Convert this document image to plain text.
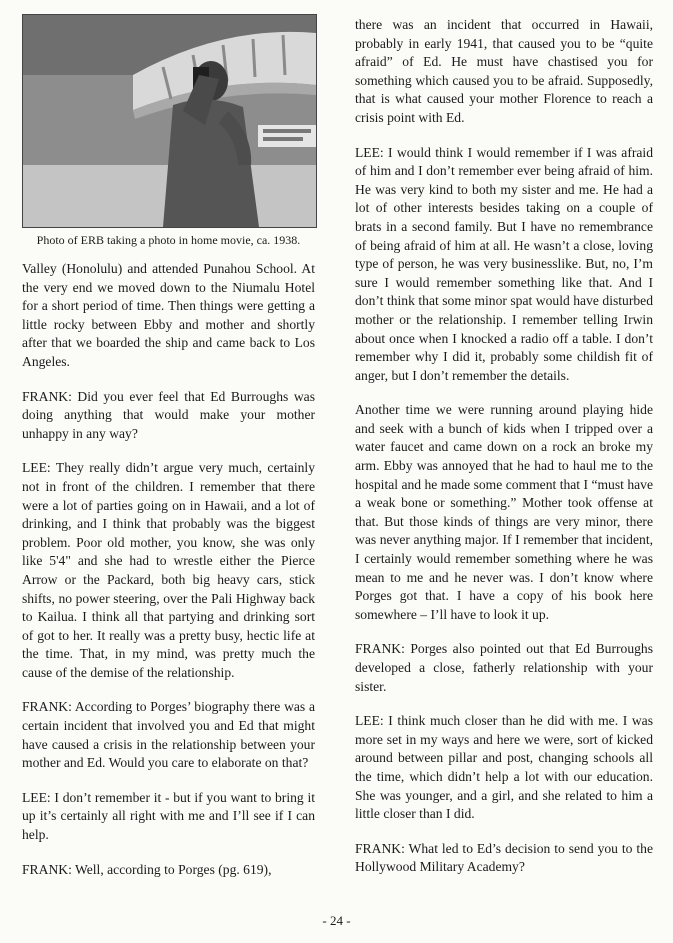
Photo of ERB taking a photo in home movie, ca. 1938.

Valley (Honolulu) and attended Punahou School. At the very end we moved down to the Niumalu Hotel for a short period of time. Then things were getting a little rocky between Ebby and mother and shortly after that we boarded the ship and came back to Los Angeles.

FRANK: Did you ever feel that Ed Burroughs was doing anything that would make your mother unhappy in any way?

LEE: They really didn’t argue very much, certainly not in front of the children. I remember that there were a lot of parties going on in Hawaii, and a lot of drinking, and I think that probably was the biggest problem. Poor old mother, you know, she was only like 5'4" and she had to wrestle either the Pierce Arrow or the Packard, both big heavy cars, stick shifts, no power steering, over the Pali Highway back to Kailua. I think all that partying and drinking sort of got to her. It really was a pretty busy, hectic life at the time. That, in my mind, was pretty much the cause of the demise of the relationship.

FRANK: According to Porges’ biography there was a certain incident that involved you and Ed that might have caused a crisis in the relationship between your mother and Ed. Would you care to elaborate on that?

LEE: I don’t remember it - but if you want to bring it up it’s certainly all right with me and I’ll see if I can help.

FRANK: Well, according to Porges (pg. 619),

there was an incident that occurred in Hawaii, probably in early 1941, that caused you to be “quite afraid” of Ed. He must have chastised you for something which caused you to be afraid. Supposedly, that is what caused your mother Florence to reach a crisis point with Ed.

LEE: I would think I would remember if I was afraid of him and I don’t remember ever being afraid of him. He was very kind to both my sister and me. He had a lot of other interests besides taking on a couple of brats in a second family. But I have no remembrance of being afraid of him at all. He wasn’t a close, loving type of person, he was very businesslike. But, no, I’m sure I would remember something like that. And I don’t think that some minor spat would have disturbed mother or the relationship. I remember telling Irwin about once when I knocked a radio off a table. I don’t remember why I did it, probably some childish fit of anger, but I don’t remember the details.

Another time we were running around playing hide and seek with a bunch of kids when I tripped over a water faucet and came down on a rock an broke my arm. Ebby was annoyed that he had to haul me to the hospital and he made some comment that I “must have a weak bone or something.” Mother took offense at that. But those kinds of things are very minor, there was never anything major. If I remember that incident, I certainly would remember something where he was mean to me and he never was. I don’t know where Porges got that. I have a copy of his book here somewhere – I’ll have to look it up.

FRANK: Porges also pointed out that Ed Burroughs developed a close, fatherly relationship with your sister.

LEE: I think much closer than he did with me. I was more set in my ways and here we were, sort of kicked around between pillar and post, changing schools all the time, which didn’t help a lot with our education. She was younger, and a girl, and she related to him a little closer than I did.

FRANK: What led to Ed’s decision to send you to the Hollywood Military Academy?

- 24 -
